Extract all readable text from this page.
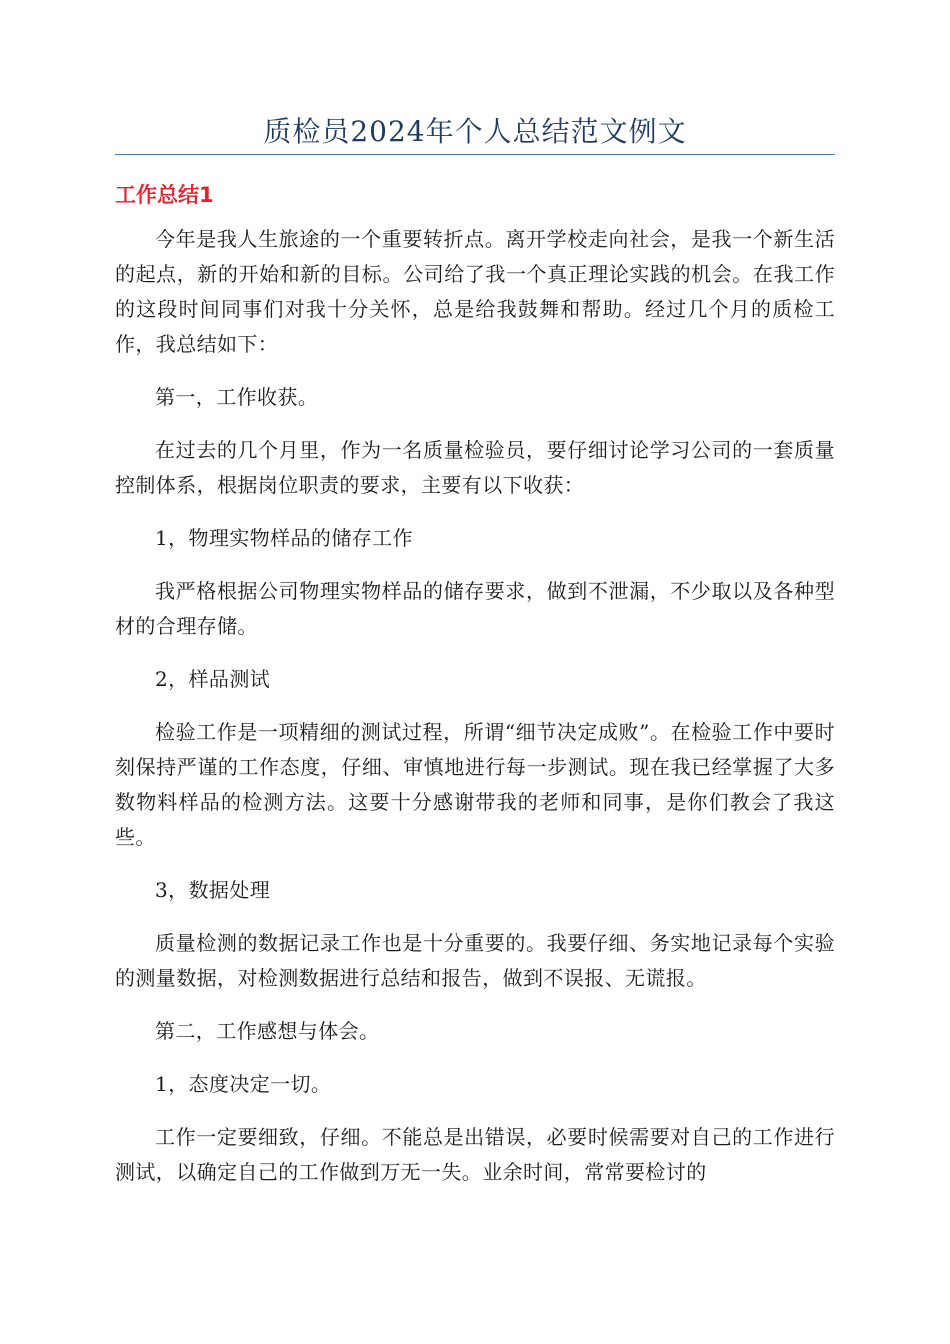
质检员2024年个人总结范文例文
工作总结1

今年是我人生旅途的一个重要转折点。离开学校走向社会，是我一个新生活的起点，新的开始和新的目标。公司给了我一个真正理论实践的机会。在我工作的这段时间同事们对我十分关怀，总是给我鼓舞和帮助。经过几个月的质检工作，我总结如下：

第一，工作收获。

在过去的几个月里，作为一名质量检验员，要仔细讨论学习公司的一套质量控制体系，根据岗位职责的要求，主要有以下收获：

1，物理实物样品的储存工作

我严格根据公司物理实物样品的储存要求，做到不泄漏，不少取以及各种型材的合理存储。

2，样品测试

检验工作是一项精细的测试过程，所谓“细节决定成败”。在检验工作中要时刻保持严谨的工作态度，仔细、审慎地进行每一步测试。现在我已经掌握了大多数物料样品的检测方法。这要十分感谢带我的老师和同事，是你们教会了我这些。

3，数据处理

质量检测的数据记录工作也是十分重要的。我要仔细、务实地记录每个实验的测量数据，对检测数据进行总结和报告，做到不误报、无谎报。

第二，工作感想与体会。

1，态度决定一切。

工作一定要细致，仔细。不能总是出错误，必要时候需要对自己的工作进行测试，以确定自己的工作做到万无一失。业余时间，常常要检讨的
